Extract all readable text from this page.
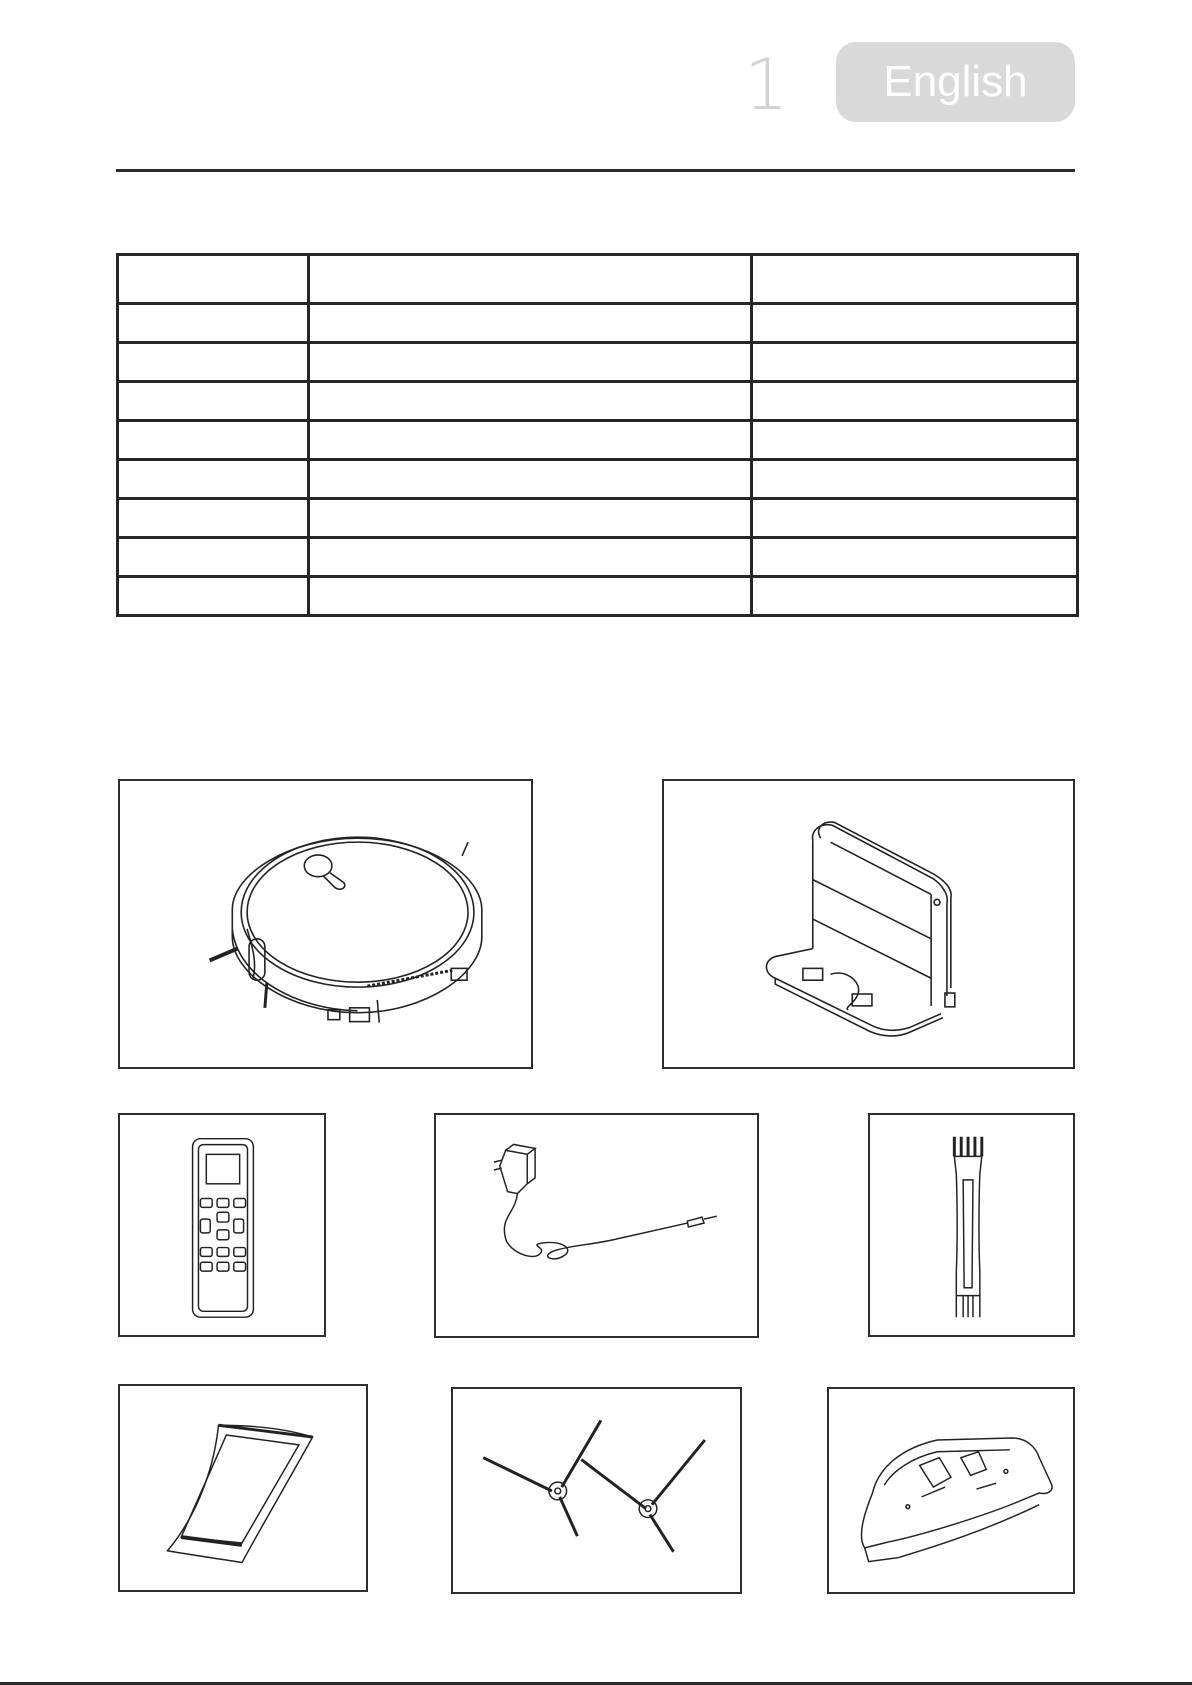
1	English
